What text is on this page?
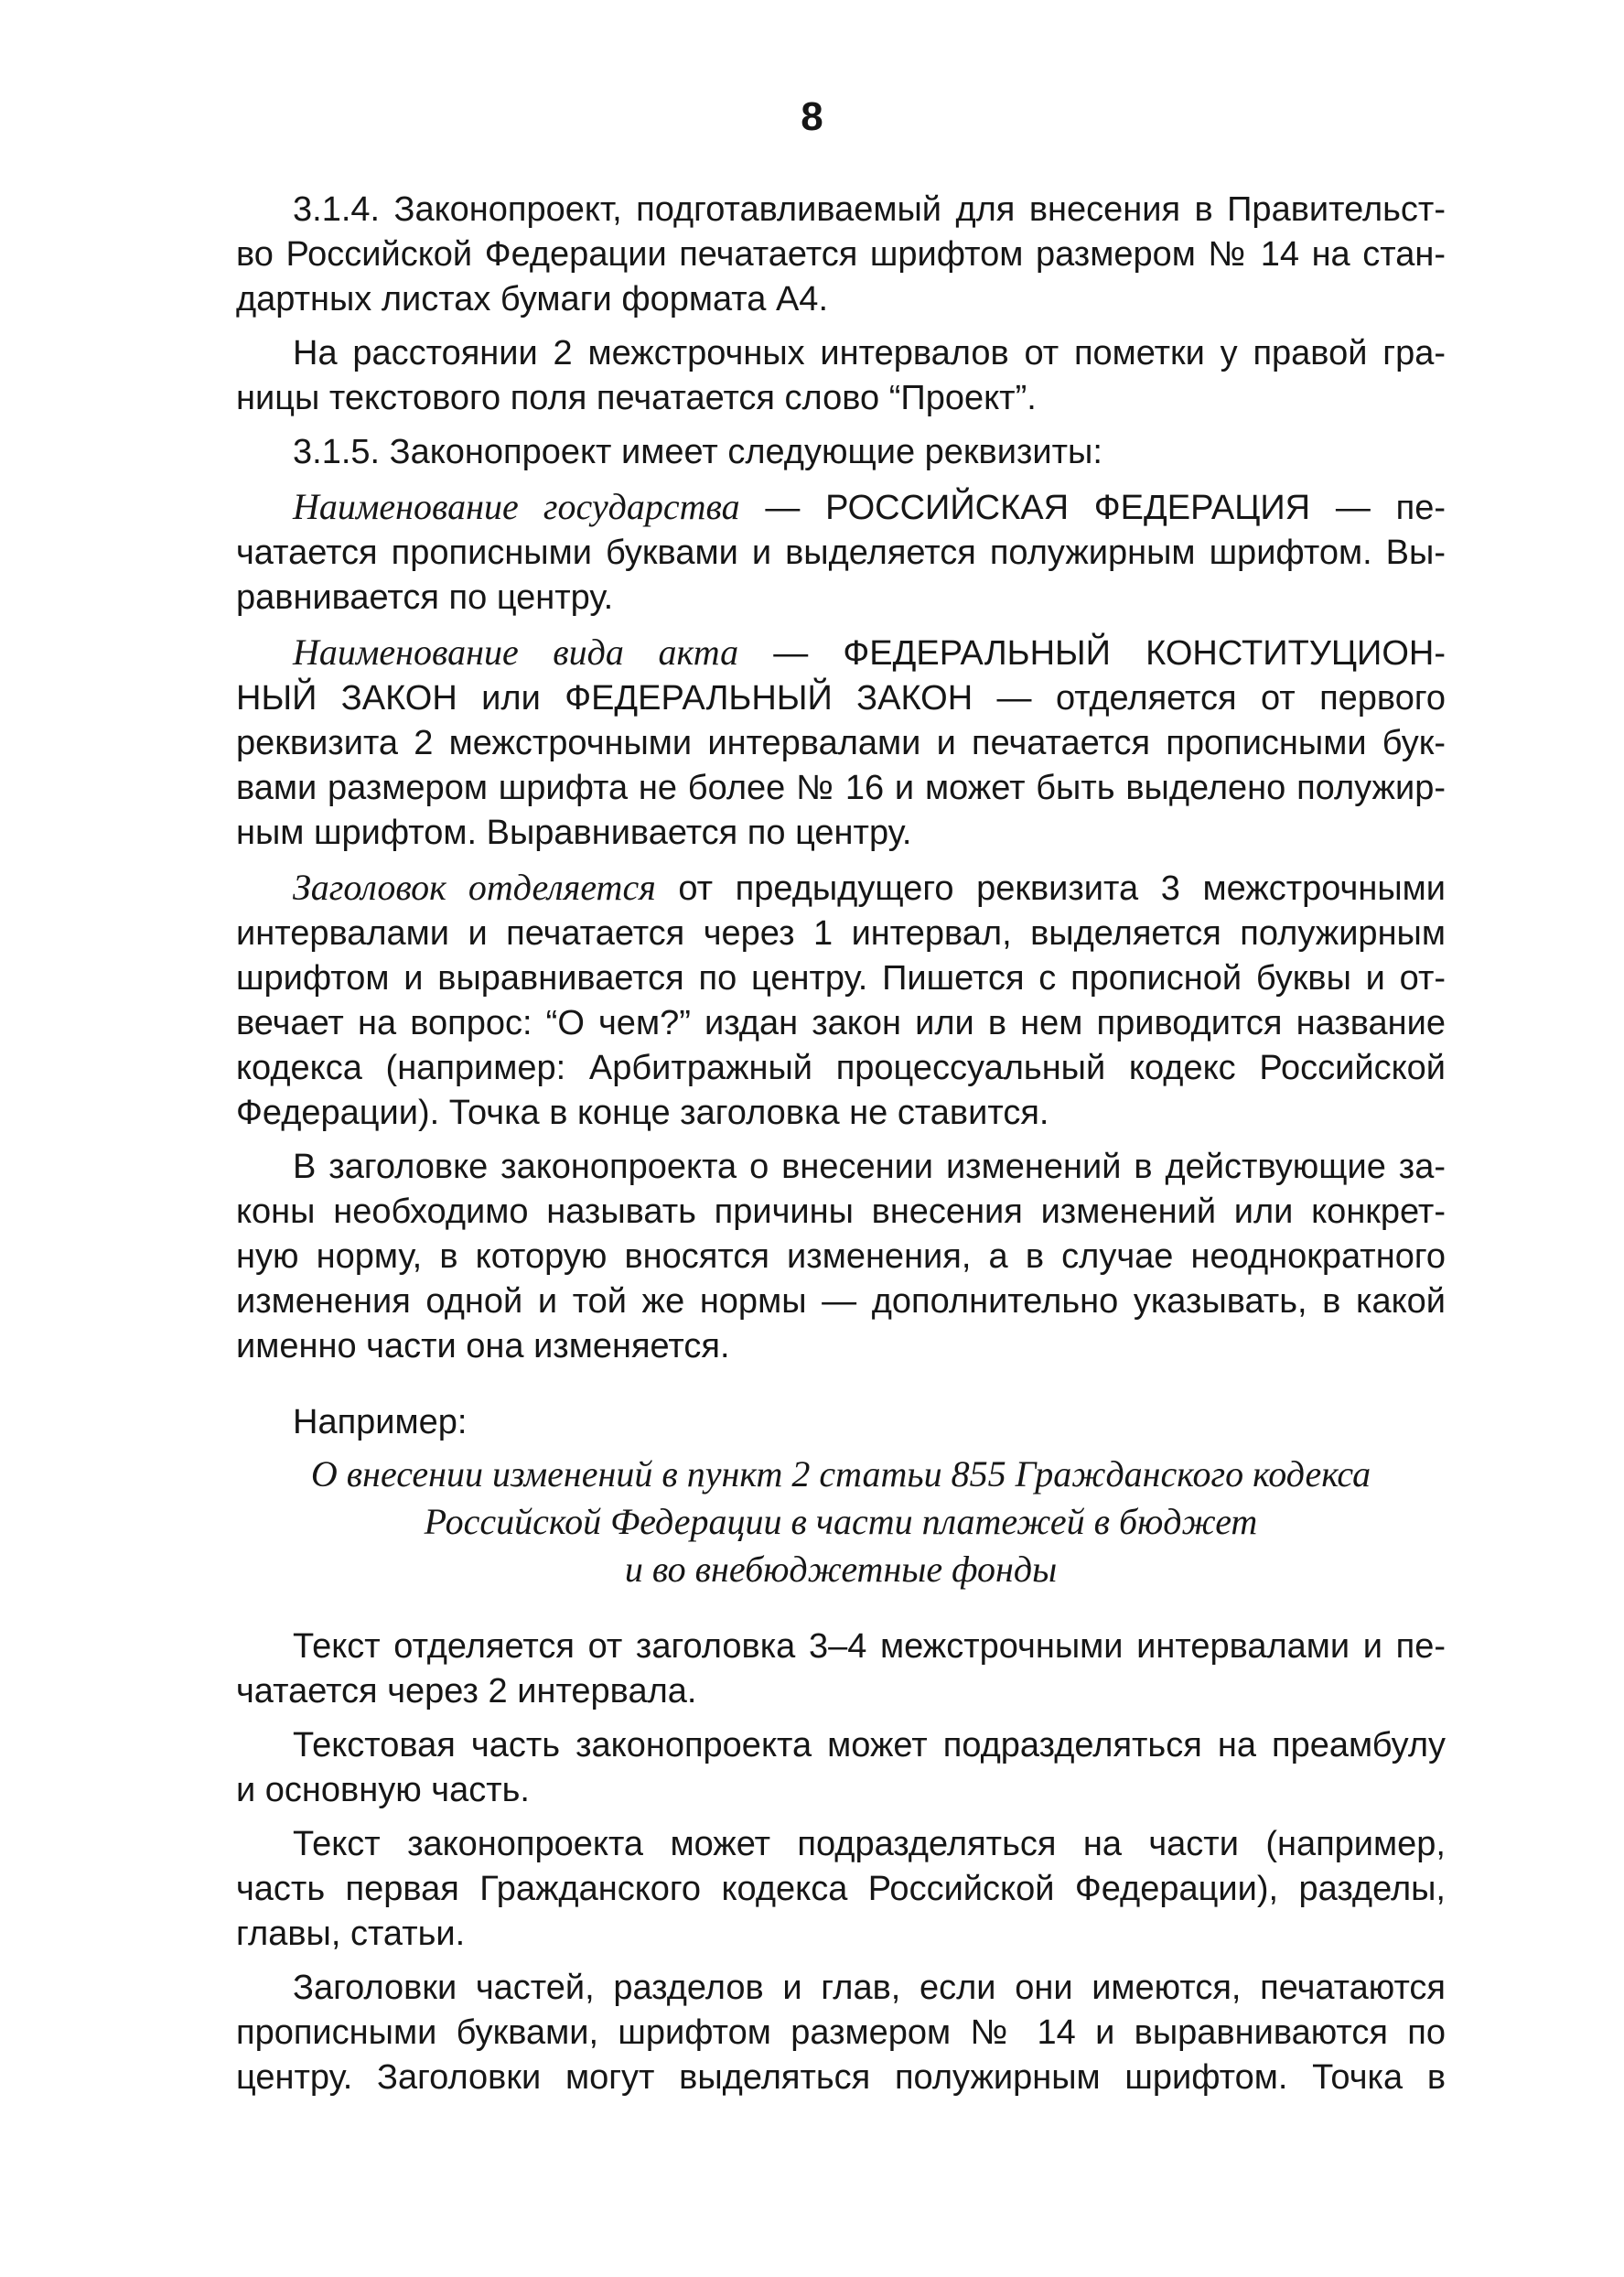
8
3.1.4. Законопроект, подготавливаемый для внесения в Правительст-
во Российской Федерации печатается шрифтом размером № 14 на стан-
дартных листах бумаги формата А4.
На расстоянии 2 межстрочных интервалов от пометки у правой гра-
ницы текстового поля печатается слово “Проект”.
3.1.5. Законопроект имеет следующие реквизиты:
Наименование государства — РОССИЙСКАЯ ФЕДЕРАЦИЯ — пе-
чатается прописными буквами и выделяется полужирным шрифтом. Вы-
равнивается по центру.
Наименование вида акта — ФЕДЕРАЛЬНЫЙ КОНСТИТУЦИОН-
НЫЙ ЗАКОН или ФЕДЕРАЛЬНЫЙ ЗАКОН — отделяется от первого
реквизита 2 межстрочными интервалами и печатается прописными бук-
вами размером шрифта не более № 16 и может быть выделено полужир-
ным шрифтом. Выравнивается по центру.
Заголовок отделяется от предыдущего реквизита 3 межстрочными
интервалами и печатается через 1 интервал, выделяется полужирным
шрифтом и выравнивается по центру. Пишется с прописной буквы и от-
вечает на вопрос: “О чем?” издан закон или в нем приводится название
кодекса (например: Арбитражный процессуальный кодекс Российской
Федерации). Точка в конце заголовка не ставится.
В заголовке законопроекта о внесении изменений в действующие за-
коны необходимо называть причины внесения изменений или конкрет-
ную норму, в которую вносятся изменения, а в случае неоднократного
изменения одной и той же нормы — дополнительно указывать, в какой
именно части она изменяется.
Например:
О внесении изменений в пункт 2 статьи 855 Гражданского кодекса
Российской Федерации в части платежей в бюджет
и во внебюджетные фонды
Текст отделяется от заголовка 3–4 межстрочными интервалами и пе-
чатается через 2 интервала.
Текстовая часть законопроекта может подразделяться на преамбулу
и основную часть.
Текст законопроекта может подразделяться на части (например,
часть первая Гражданского кодекса Российской Федерации), разделы,
главы, статьи.
Заголовки частей, разделов и глав, если они имеются, печатаются
прописными буквами, шрифтом размером № 14 и выравниваются по
центру. Заголовки могут выделяться полужирным шрифтом. Точка в
